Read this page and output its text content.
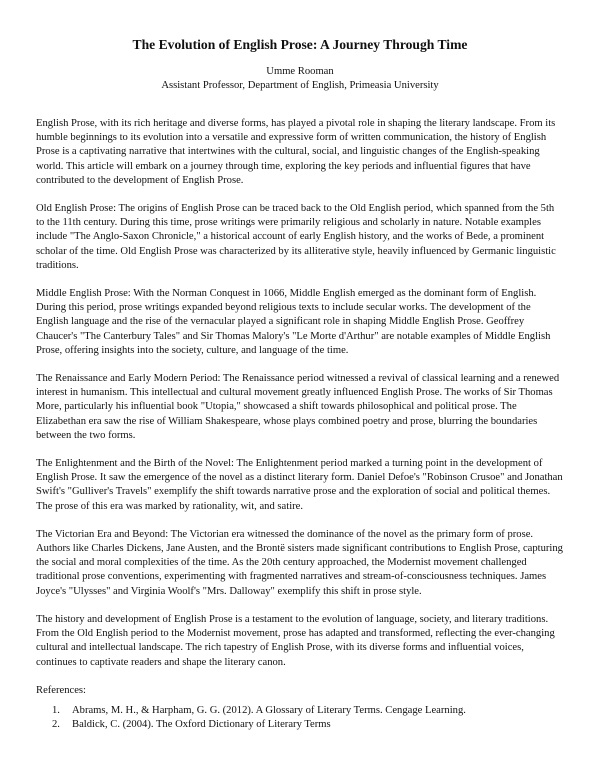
The Evolution of English Prose: A Journey Through Time
Umme Rooman
Assistant Professor, Department of English, Primeasia University

English Prose, with its rich heritage and diverse forms, has played a pivotal role in shaping the literary landscape. From its humble beginnings to its evolution into a versatile and expressive form of written communication, the history of English Prose is a captivating narrative that intertwines with the cultural, social, and linguistic changes of the English-speaking world. This article will embark on a journey through time, exploring the key periods and influential figures that have contributed to the development of English Prose.

Old English Prose: The origins of English Prose can be traced back to the Old English period, which spanned from the 5th to the 11th century. During this time, prose writings were primarily religious and scholarly in nature. Notable examples include "The Anglo-Saxon Chronicle," a historical account of early English history, and the works of Bede, a prominent scholar of the time. Old English Prose was characterized by its alliterative style, heavily influenced by Germanic linguistic traditions.

Middle English Prose: With the Norman Conquest in 1066, Middle English emerged as the dominant form of English. During this period, prose writings expanded beyond religious texts to include secular works. The development of the English language and the rise of the vernacular played a significant role in shaping Middle English Prose. Geoffrey Chaucer's "The Canterbury Tales" and Sir Thomas Malory's "Le Morte d'Arthur" are notable examples of Middle English Prose, offering insights into the society, culture, and language of the time.

The Renaissance and Early Modern Period: The Renaissance period witnessed a revival of classical learning and a renewed interest in humanism. This intellectual and cultural movement greatly influenced English Prose. The works of Sir Thomas More, particularly his influential book "Utopia," showcased a shift towards philosophical and political prose. The Elizabethan era saw the rise of William Shakespeare, whose plays combined poetry and prose, blurring the boundaries between the two forms.

The Enlightenment and the Birth of the Novel: The Enlightenment period marked a turning point in the development of English Prose. It saw the emergence of the novel as a distinct literary form. Daniel Defoe's "Robinson Crusoe" and Jonathan Swift's "Gulliver's Travels" exemplify the shift towards narrative prose and the exploration of social and political themes. The prose of this era was marked by rationality, wit, and satire.

The Victorian Era and Beyond: The Victorian era witnessed the dominance of the novel as the primary form of prose. Authors like Charles Dickens, Jane Austen, and the Brontë sisters made significant contributions to English Prose, capturing the social and moral complexities of the time. As the 20th century approached, the Modernist movement challenged traditional prose conventions, experimenting with fragmented narratives and stream-of-consciousness techniques. James Joyce's "Ulysses" and Virginia Woolf's "Mrs. Dalloway" exemplify this shift in prose style.

The history and development of English Prose is a testament to the evolution of language, society, and literary traditions. From the Old English period to the Modernist movement, prose has adapted and transformed, reflecting the ever-changing cultural and intellectual landscape. The rich tapestry of English Prose, with its diverse forms and influential voices, continues to captivate readers and shape the literary canon.

References:
1.	Abrams, M. H., & Harpham, G. G. (2012). A Glossary of Literary Terms. Cengage Learning.
2.	Baldick, C. (2004). The Oxford Dictionary of Literary Terms
